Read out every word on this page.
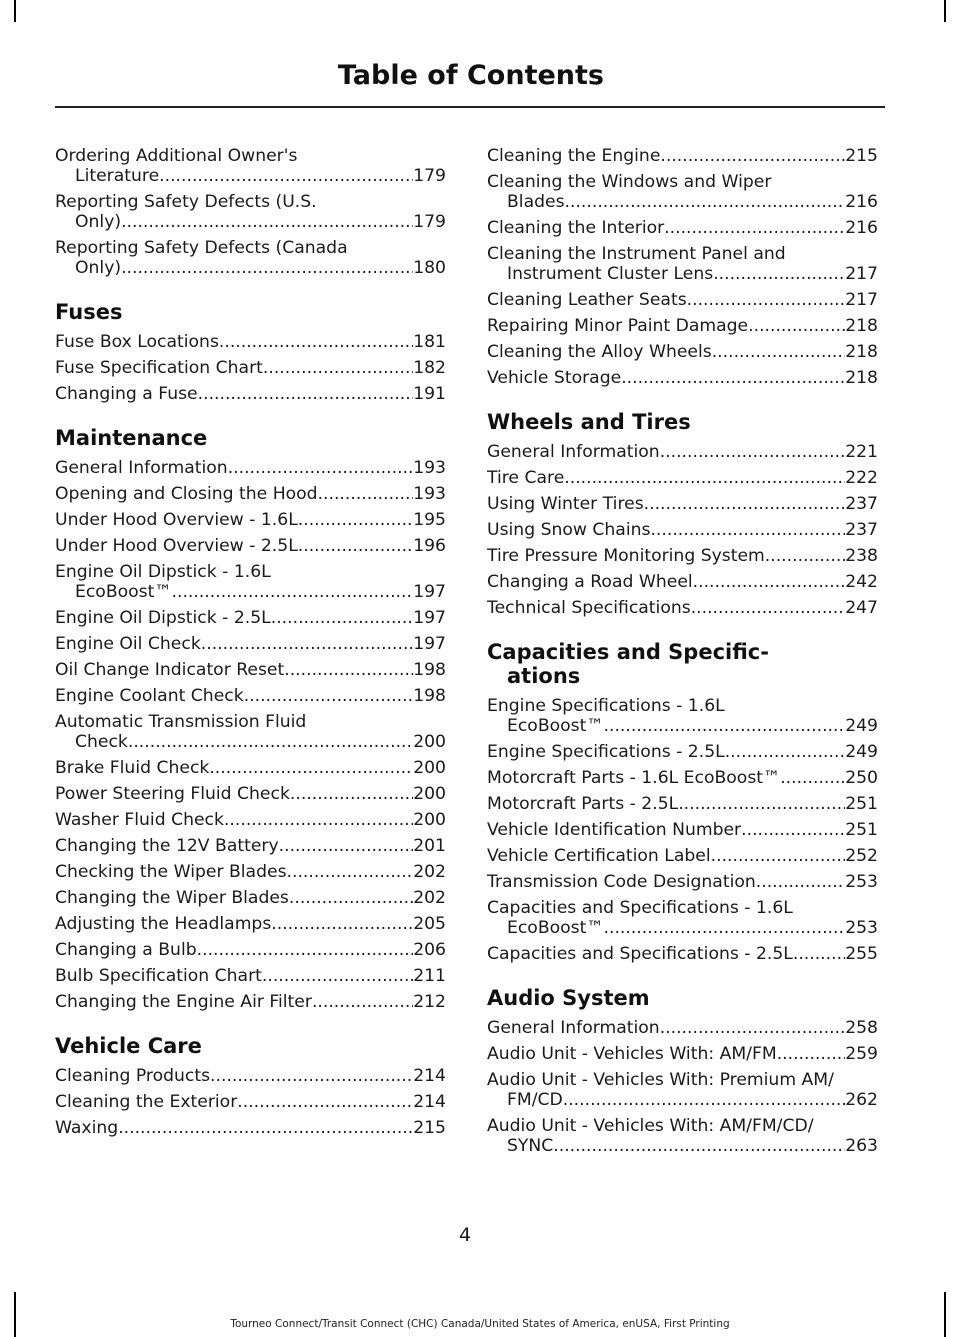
Table of Contents
Ordering Additional Owner's
Literature .....	179
Reporting Safety Defects (U.S.
Only) .....	179
Reporting Safety Defects (Canada
Only) .....	180
Fuses
Fuse Box Locations .....	181
Fuse Specification Chart .....	182
Changing a Fuse .....	191
Maintenance
General Information .....	193
Opening and Closing the Hood .....	193
Under Hood Overview - 1.6L .....	195
Under Hood Overview - 2.5L .....	196
Engine Oil Dipstick - 1.6L
EcoBoost™ .....	197
Engine Oil Dipstick - 2.5L .....	197
Engine Oil Check .....	197
Oil Change Indicator Reset .....	198
Engine Coolant Check .....	198
Automatic Transmission Fluid
Check .....	200
Brake Fluid Check .....	200
Power Steering Fluid Check .....	200
Washer Fluid Check .....	200
Changing the 12V Battery .....	201
Checking the Wiper Blades .....	202
Changing the Wiper Blades .....	202
Adjusting the Headlamps .....	205
Changing a Bulb .....	206
Bulb Specification Chart .....	211
Changing the Engine Air Filter .....	212
Vehicle Care
Cleaning Products .....	214
Cleaning the Exterior .....	214
Waxing .....	215
Cleaning the Engine .....	215
Cleaning the Windows and Wiper
Blades .....	216
Cleaning the Interior .....	216
Cleaning the Instrument Panel and
Instrument Cluster Lens .....	217
Cleaning Leather Seats .....	217
Repairing Minor Paint Damage .....	218
Cleaning the Alloy Wheels .....	218
Vehicle Storage .....	218
Wheels and Tires
General Information .....	221
Tire Care .....	222
Using Winter Tires .....	237
Using Snow Chains .....	237
Tire Pressure Monitoring System .....	238
Changing a Road Wheel .....	242
Technical Specifications .....	247
Capacities and Specific-
ations
Engine Specifications - 1.6L
EcoBoost™ .....	249
Engine Specifications - 2.5L .....	249
Motorcraft Parts - 1.6L EcoBoost™ .....	250
Motorcraft Parts - 2.5L .....	251
Vehicle Identification Number .....	251
Vehicle Certification Label .....	252
Transmission Code Designation .....	253
Capacities and Specifications - 1.6L
EcoBoost™ .....	253
Capacities and Specifications - 2.5L .....	255
Audio System
General Information .....	258
Audio Unit - Vehicles With: AM/FM .....	259
Audio Unit - Vehicles With: Premium AM/
FM/CD .....	262
Audio Unit - Vehicles With: AM/FM/CD/
SYNC .....	263
4
Tourneo Connect/Transit Connect (CHC) Canada/United States of America, enUSA, First Printing
